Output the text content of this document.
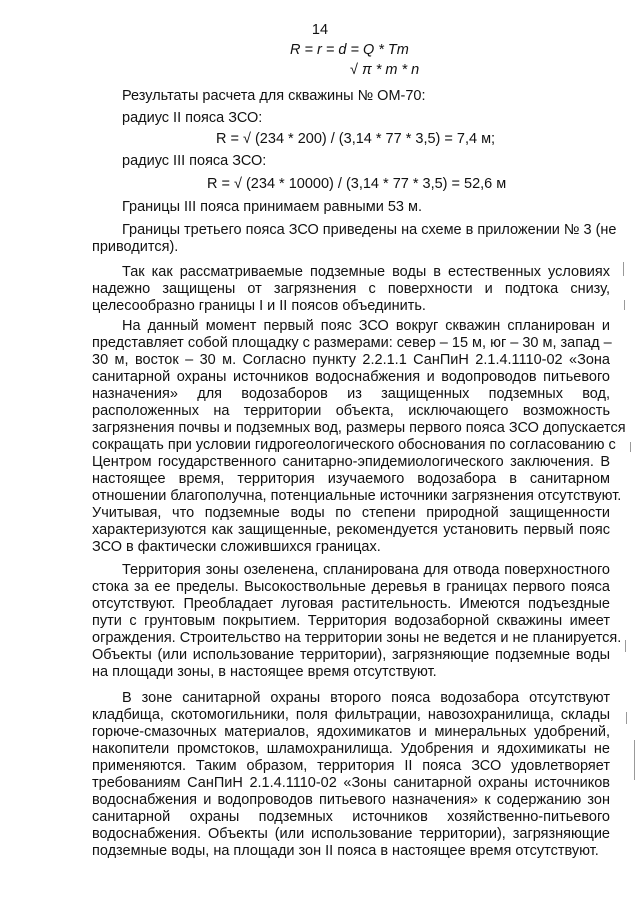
14
R = r = d = Q * Tm
√ π * m * n
Результаты расчета для скважины № ОМ-70:
радиус II пояса ЗСО:
R = √ (234 * 200) / (3,14 * 77 * 3,5) = 7,4 м;
радиус III пояса ЗСО:
R = √ (234 * 10000) / (3,14 * 77 * 3,5) = 52,6 м
Границы III пояса принимаем равными 53 м.
Границы третьего пояса ЗСО приведены на схеме в приложении № 3 (не
приводится).
Так как рассматриваемые подземные воды в естественных условиях
надежно защищены от загрязнения с поверхности и подтока снизу,
целесообразно границы I и II поясов объединить.
На данный момент первый пояс ЗСО вокруг скважин спланирован и
представляет собой площадку с размерами: север – 15 м, юг – 30 м, запад –
30 м, восток – 30 м. Согласно пункту 2.2.1.1 СанПиН 2.1.4.1110-02 «Зона
санитарной охраны источников водоснабжения и водопроводов питьевого
назначения» для водозаборов из защищенных подземных вод,
расположенных на территории объекта, исключающего возможность
загрязнения почвы и подземных вод, размеры первого пояса ЗСО допускается
сокращать при условии гидрогеологического обоснования по согласованию с
Центром государственного санитарно-эпидемиологического заключения. В
настоящее время, территория изучаемого водозабора в санитарном
отношении благополучна, потенциальные источники загрязнения отсутствуют.
Учитывая, что подземные воды по степени природной защищенности
характеризуются как защищенные, рекомендуется установить первый пояс
ЗСО в фактически сложившихся границах.
Территория зоны озеленена, спланирована для отвода поверхностного
стока за ее пределы. Высокоствольные деревья в границах первого пояса
отсутствуют. Преобладает луговая растительность. Имеются подъездные
пути с грунтовым покрытием. Территория водозаборной скважины имеет
ограждения. Строительство на территории зоны не ведется и не планируется.
Объекты (или использование территории), загрязняющие подземные воды
на площади зоны, в настоящее время отсутствуют.
В зоне санитарной охраны второго пояса водозабора отсутствуют
кладбища, скотомогильники, поля фильтрации, навозохранилища, склады
горюче-смазочных материалов, ядохимикатов и минеральных удобрений,
накопители промстоков, шламохранилища. Удобрения и ядохимикаты не
применяются. Таким образом, территория II пояса ЗСО удовлетворяет
требованиям СанПиН 2.1.4.1110-02 «Зоны санитарной охраны источников
водоснабжения и водопроводов питьевого назначения» к содержанию зон
санитарной охраны подземных источников хозяйственно-питьевого
водоснабжения. Объекты (или использование территории), загрязняющие
подземные воды, на площади зон II пояса в настоящее время отсутствуют.
